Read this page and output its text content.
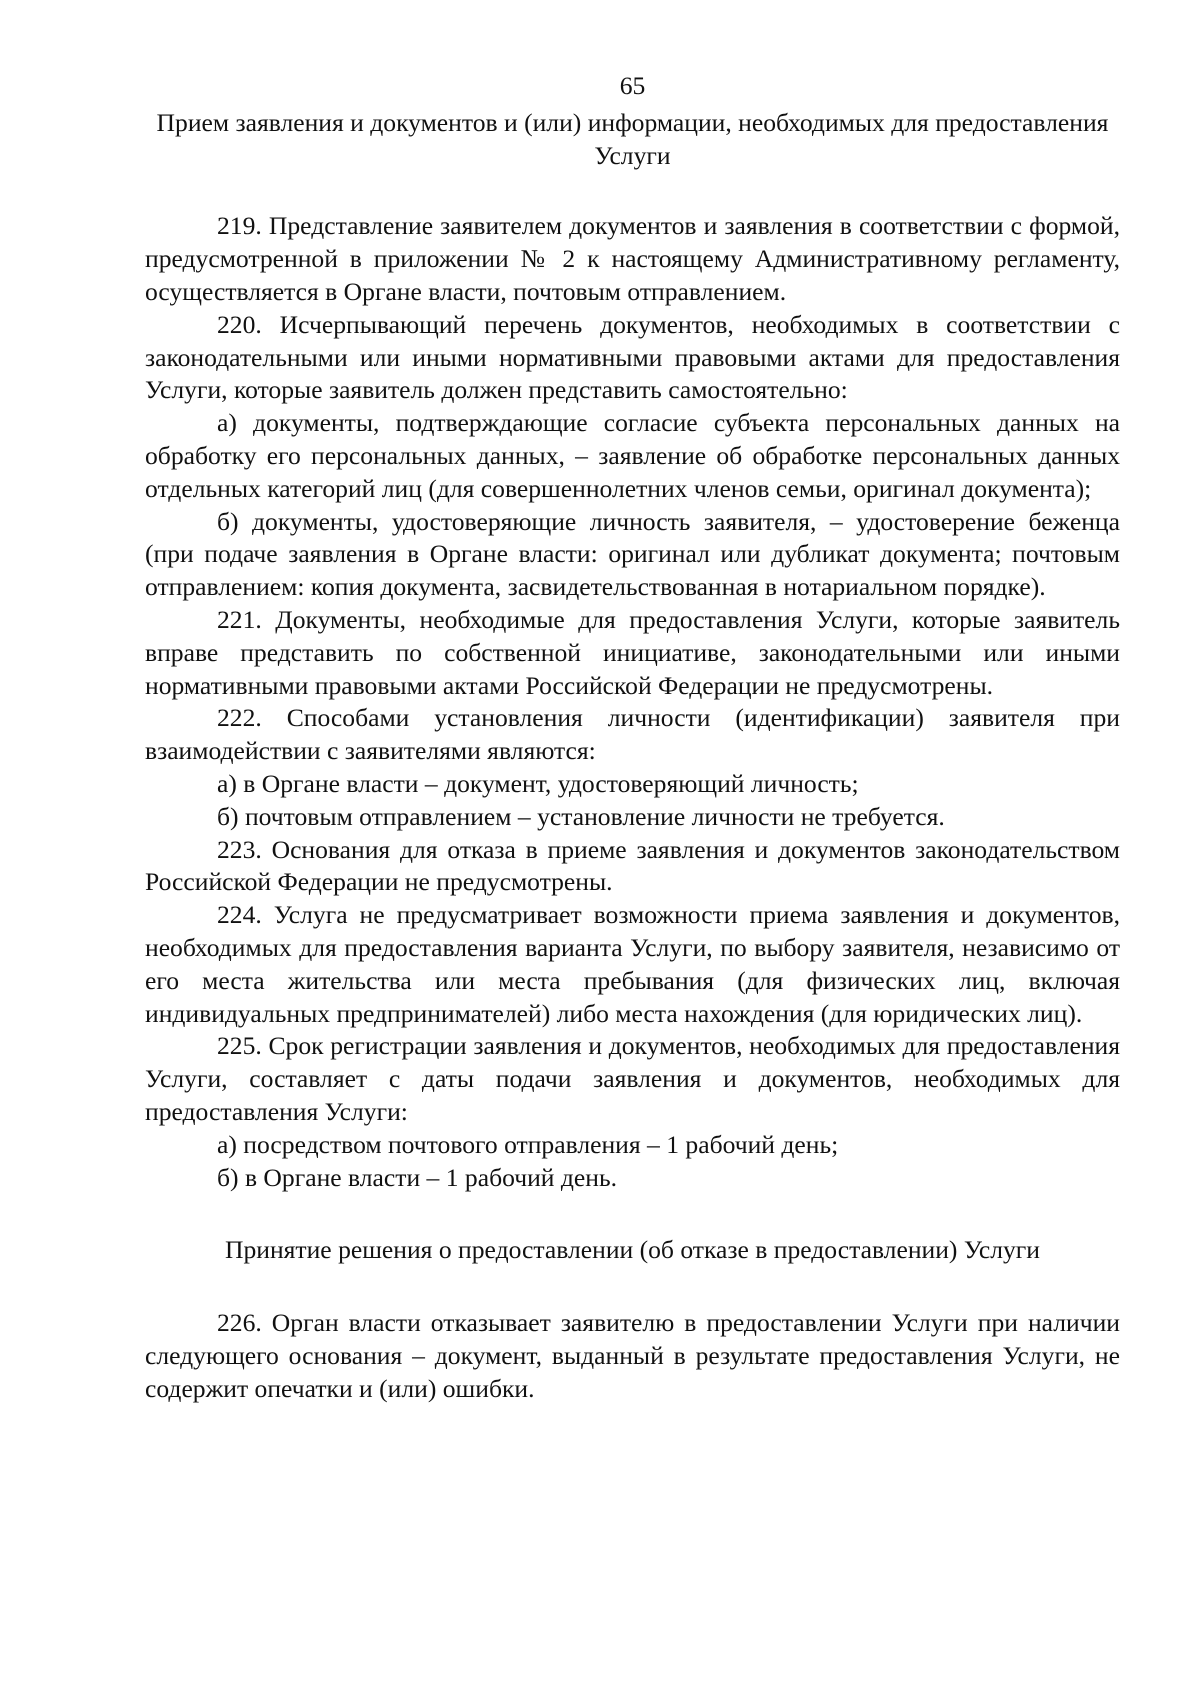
65

Прием заявления и документов и (или) информации, необходимых для предоставления Услуги

219. Представление заявителем документов и заявления в соответствии с формой, предусмотренной в приложении № 2 к настоящему Административному регламенту, осуществляется в Органе власти, почтовым отправлением.

220. Исчерпывающий перечень документов, необходимых в соответствии с законодательными или иными нормативными правовыми актами для предоставления Услуги, которые заявитель должен представить самостоятельно:

а) документы, подтверждающие согласие субъекта персональных данных на обработку его персональных данных, – заявление об обработке персональных данных отдельных категорий лиц (для совершеннолетних членов семьи, оригинал документа);

б) документы, удостоверяющие личность заявителя, – удостоверение беженца (при подаче заявления в Органе власти: оригинал или дубликат документа; почтовым отправлением: копия документа, засвидетельствованная в нотариальном порядке).

221. Документы, необходимые для предоставления Услуги, которые заявитель вправе представить по собственной инициативе, законодательными или иными нормативными правовыми актами Российской Федерации не предусмотрены.

222. Способами установления личности (идентификации) заявителя при взаимодействии с заявителями являются:

а) в Органе власти – документ, удостоверяющий личность;

б) почтовым отправлением – установление личности не требуется.

223. Основания для отказа в приеме заявления и документов законодательством Российской Федерации не предусмотрены.

224. Услуга не предусматривает возможности приема заявления и документов, необходимых для предоставления варианта Услуги, по выбору заявителя, независимо от его места жительства или места пребывания (для физических лиц, включая индивидуальных предпринимателей) либо места нахождения (для юридических лиц).

225. Срок регистрации заявления и документов, необходимых для предоставления Услуги, составляет с даты подачи заявления и документов, необходимых для предоставления Услуги:

а) посредством почтового отправления – 1 рабочий день;

б) в Органе власти – 1 рабочий день.

Принятие решения о предоставлении (об отказе в предоставлении) Услуги

226. Орган власти отказывает заявителю в предоставлении Услуги при наличии следующего основания – документ, выданный в результате предоставления Услуги, не содержит опечатки и (или) ошибки.
